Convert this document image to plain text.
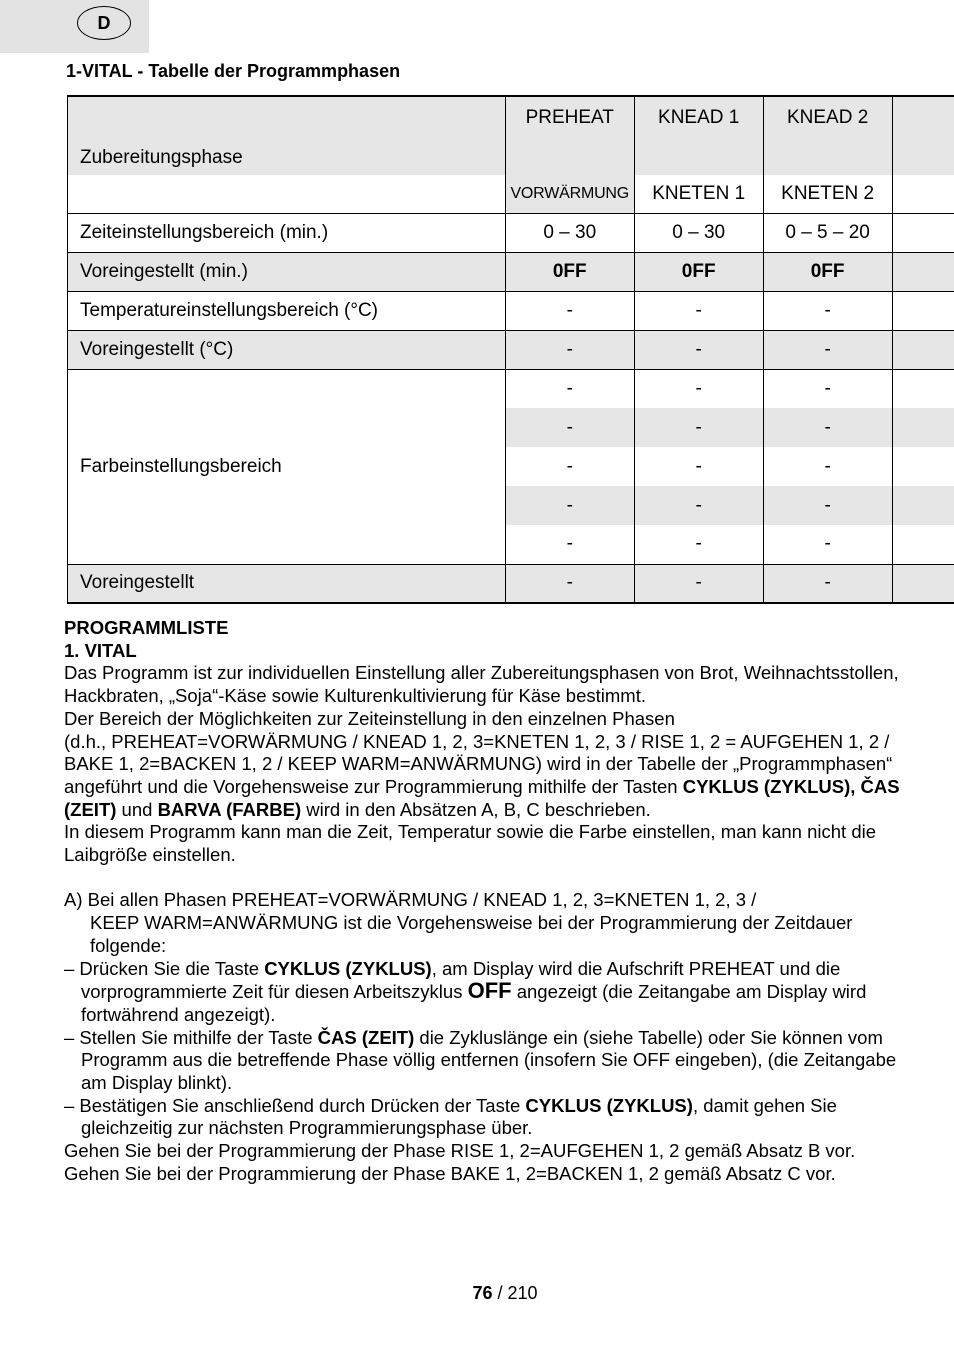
D
1-VITAL - Tabelle der Programmphasen
Zubereitungsphase	PREHEAT	KNEAD 1	KNEAD 2	
	VORWÄRMUNG	KNETEN 1	KNETEN 2	
Zeiteinstellungsbereich (min.)	0 – 30	0 – 30	0 – 5 – 20	
Voreingestellt (min.)	0FF	0FF	0FF	
Temperatureinstellungsbereich (°C)	-	-	-	
Voreingestellt (°C)	-	-	-	
Farbeinstellungsbereich	-	-	-	
	-	-	-	
	-	-	-	
	-	-	-	
	-	-	-	
Voreingestellt	-	-	-	

PROGRAMMLISTE

1. VITAL

Das Programm ist zur individuellen Einstellung aller Zubereitungsphasen von Brot, Weihnachtsstollen, Hackbraten, „Soja“-Käse sowie Kulturenkultivierung für Käse bestimmt.

Der Bereich der Möglichkeiten zur Zeiteinstellung in den einzelnen Phasen

(d.h., PREHEAT=VORWÄRMUNG / KNEAD 1, 2, 3=KNETEN 1, 2, 3 / RISE 1, 2 = AUFGEHEN 1, 2 / BAKE 1, 2=BACKEN 1, 2 / KEEP WARM=ANWÄRMUNG) wird in der Tabelle der „Programmphasen“ angeführt und die Vorgehensweise zur Programmierung mithilfe der Tasten CYKLUS (ZYKLUS), ČAS (ZEIT) und BARVA (FARBE) wird in den Absätzen A, B, C beschrieben.

In diesem Programm kann man die Zeit, Temperatur sowie die Farbe einstellen, man kann nicht die Laibgröße einstellen.

A) Bei allen Phasen PREHEAT=VORWÄRMUNG / KNEAD 1, 2, 3=KNETEN 1, 2, 3 /

KEEP WARM=ANWÄRMUNG ist die Vorgehensweise bei der Programmierung der Zeitdauer folgende:

– Drücken Sie die Taste CYKLUS (ZYKLUS), am Display wird die Aufschrift PREHEAT und die vorprogrammierte Zeit für diesen Arbeitszyklus OFF angezeigt (die Zeitangabe am Display wird fortwährend angezeigt).

– Stellen Sie mithilfe der Taste ČAS (ZEIT) die Zykluslänge ein (siehe Tabelle) oder Sie können vom Programm aus die betreffende Phase völlig entfernen (insofern Sie OFF eingeben), (die Zeitangabe am Display blinkt).

– Bestätigen Sie anschließend durch Drücken der Taste CYKLUS (ZYKLUS), damit gehen Sie gleichzeitig zur nächsten Programmierungsphase über.

Gehen Sie bei der Programmierung der Phase RISE 1, 2=AUFGEHEN 1, 2 gemäß Absatz B vor.

Gehen Sie bei der Programmierung der Phase BAKE 1, 2=BACKEN 1, 2 gemäß Absatz C vor.

76 / 210
